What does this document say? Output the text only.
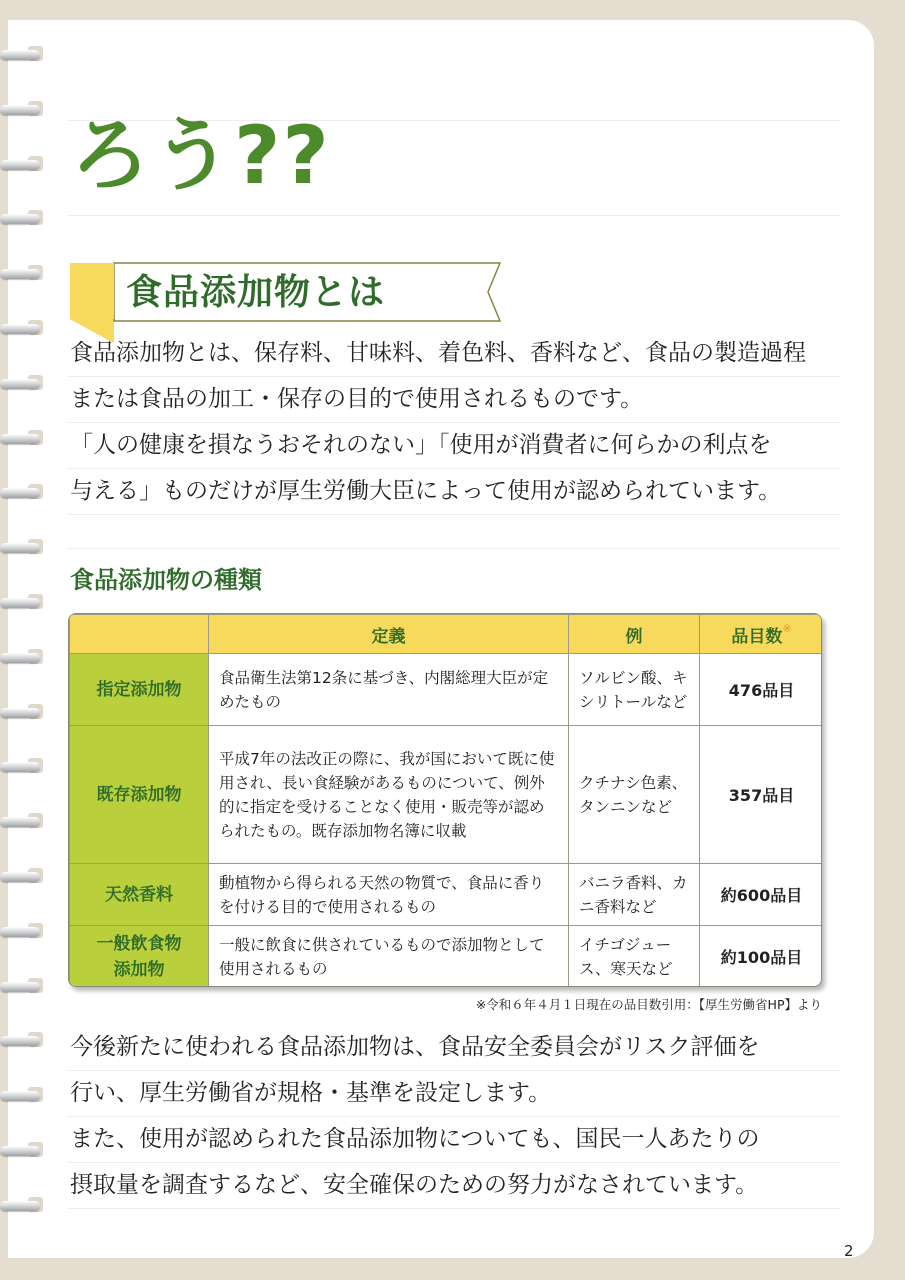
ろう??
食品添加物とは

食品添加物とは、保存料、甘味料、着色料、香料など、食品の製造過程

または食品の加工・保存の目的で使用されるものです。

「人の健康を損なうおそれのない」「使用が消費者に何らかの利点を

与える」ものだけが厚生労働大臣によって使用が認められています。

食品添加物の種類
	定義	例	品目数※
指定添加物	食品衛生法第12条に基づき、内閣総理大臣が定めたもの	ソルビン酸、キシリトールなど	476品目
既存添加物	平成7年の法改正の際に、我が国において既に使用され、長い食経験があるものについて、例外的に指定を受けることなく使用・販売等が認められたもの。既存添加物名簿に収載	クチナシ色素、タンニンなど	357品目
天然香料	動植物から得られる天然の物質で、食品に香りを付ける目的で使用されるもの	バニラ香料、カニ香料など	約600品目
一般飲食物
添加物	一般に飲食に供されているもので添加物として使用されるもの	イチゴジュース、寒天など	約100品目

※令和６年４月１日現在の品目数引用：【厚生労働省HP】より

今後新たに使われる食品添加物は、食品安全委員会がリスク評価を

行い、厚生労働省が規格・基準を設定します。

また、使用が認められた食品添加物についても、国民一人あたりの

摂取量を調査するなど、安全確保のための努力がなされています。

2
